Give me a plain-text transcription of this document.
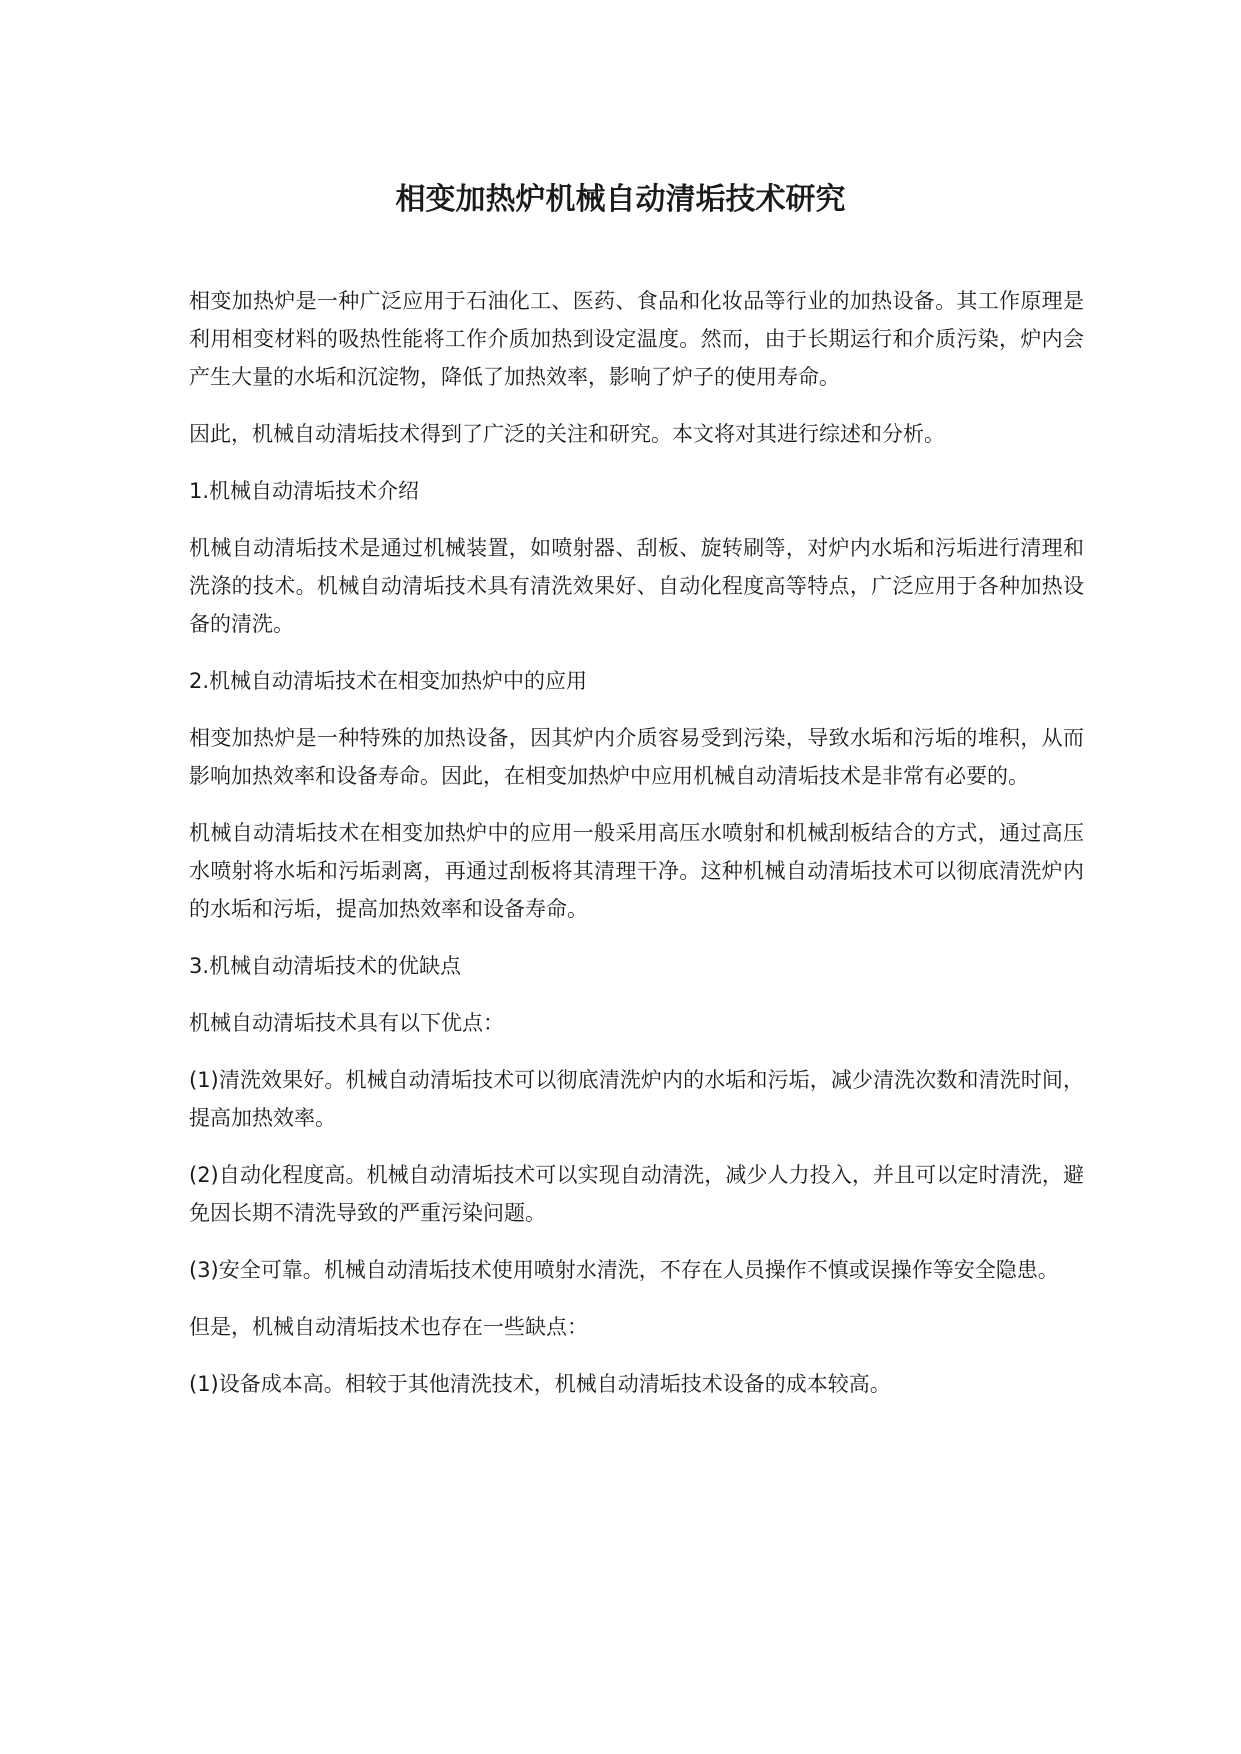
相变加热炉机械自动清垢技术研究

相变加热炉是一种广泛应用于石油化工、医药、食品和化妆品等行业的加热设备。其工作原理是利用相变材料的吸热性能将工作介质加热到设定温度。然而，由于长期运行和介质污染，炉内会产生大量的水垢和沉淀物，降低了加热效率，影响了炉子的使用寿命。

因此，机械自动清垢技术得到了广泛的关注和研究。本文将对其进行综述和分析。

1.机械自动清垢技术介绍

机械自动清垢技术是通过机械装置，如喷射器、刮板、旋转刷等，对炉内水垢和污垢进行清理和洗涤的技术。机械自动清垢技术具有清洗效果好、自动化程度高等特点，广泛应用于各种加热设备的清洗。

2.机械自动清垢技术在相变加热炉中的应用

相变加热炉是一种特殊的加热设备，因其炉内介质容易受到污染，导致水垢和污垢的堆积，从而影响加热效率和设备寿命。因此，在相变加热炉中应用机械自动清垢技术是非常有必要的。

机械自动清垢技术在相变加热炉中的应用一般采用高压水喷射和机械刮板结合的方式，通过高压水喷射将水垢和污垢剥离，再通过刮板将其清理干净。这种机械自动清垢技术可以彻底清洗炉内的水垢和污垢，提高加热效率和设备寿命。

3.机械自动清垢技术的优缺点

机械自动清垢技术具有以下优点：

(1)清洗效果好。机械自动清垢技术可以彻底清洗炉内的水垢和污垢，减少清洗次数和清洗时间，提高加热效率。

(2)自动化程度高。机械自动清垢技术可以实现自动清洗，减少人力投入，并且可以定时清洗，避免因长期不清洗导致的严重污染问题。

(3)安全可靠。机械自动清垢技术使用喷射水清洗，不存在人员操作不慎或误操作等安全隐患。

但是，机械自动清垢技术也存在一些缺点：

(1)设备成本高。相较于其他清洗技术，机械自动清垢技术设备的成本较高。
